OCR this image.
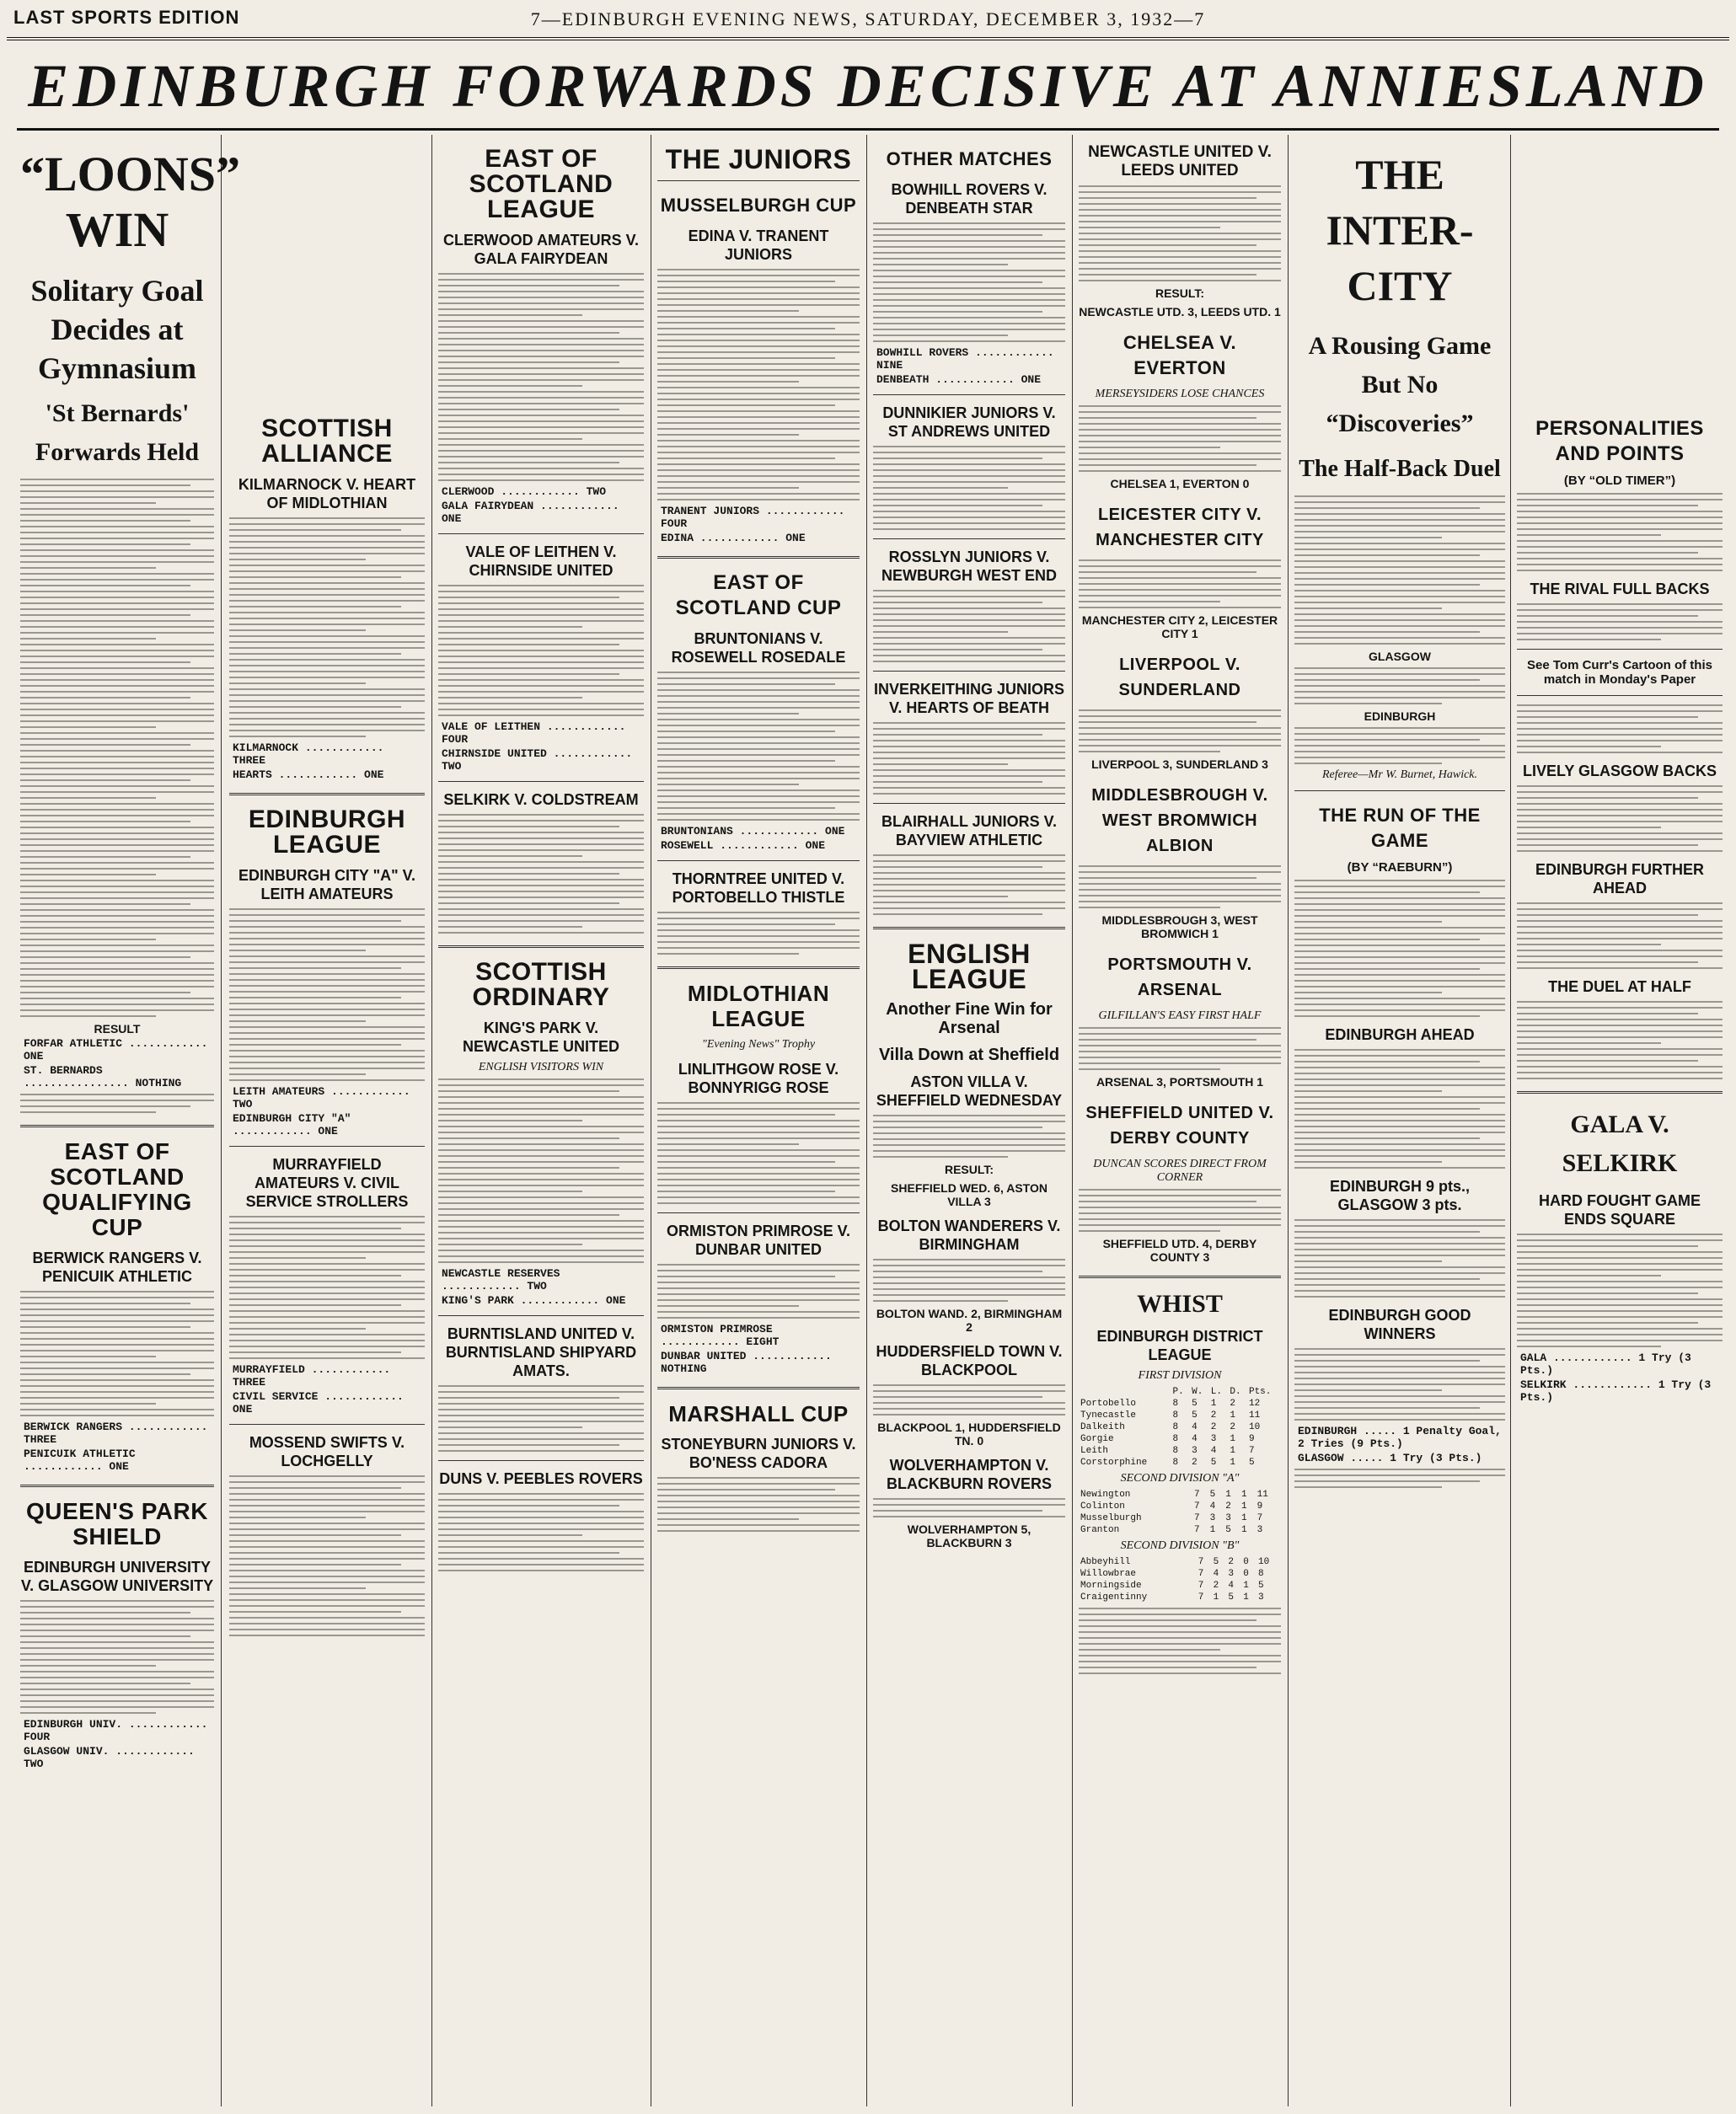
LAST SPORTS EDITION	7—EDINBURGH EVENING NEWS, SATURDAY, DECEMBER 3, 1932—7
EDINBURGH FORWARDS DECISIVE AT ANNIESLAND
“LOONS” WIN
Solitary Goal Decides at Gymnasium
'St Bernards' Forwards Held
RESULT
FORFAR ATHLETIC ............ ONE
ST. BERNARDS ................ NOTHING
EAST OF SCOTLAND QUALIFYING CUP
BERWICK RANGERS V. PENICUIK ATHLETIC
BERWICK RANGERS ............ THREE
PENICUIK ATHLETIC ............ ONE
QUEEN'S PARK SHIELD
EDINBURGH UNIVERSITY V. GLASGOW UNIVERSITY
EDINBURGH UNIV. ............ FOUR
GLASGOW UNIV. ............ TWO
SCOTTISH ALLIANCE
KILMARNOCK V. HEART OF MIDLOTHIAN
KILMARNOCK ............ THREE
HEARTS ............ ONE
EDINBURGH LEAGUE
EDINBURGH CITY "A" V. LEITH AMATEURS
LEITH AMATEURS ............ TWO
EDINBURGH CITY "A" ............ ONE
MURRAYFIELD AMATEURS V. CIVIL SERVICE STROLLERS
MURRAYFIELD ............ THREE
CIVIL SERVICE ............ ONE
MOSSEND SWIFTS V. LOCHGELLY
EAST OF SCOTLAND LEAGUE
CLERWOOD AMATEURS V. GALA FAIRYDEAN
CLERWOOD ............ TWO
GALA FAIRYDEAN ............ ONE
VALE OF LEITHEN V. CHIRNSIDE UNITED
VALE OF LEITHEN ............ FOUR
CHIRNSIDE UNITED ............ TWO
SELKIRK V. COLDSTREAM
SCOTTISH ORDINARY
KING'S PARK V. NEWCASTLE UNITED
ENGLISH VISITORS WIN
NEWCASTLE RESERVES ............ TWO
KING'S PARK ............ ONE
BURNTISLAND UNITED V. BURNTISLAND SHIPYARD AMATS.
DUNS V. PEEBLES ROVERS
THE JUNIORS
MUSSELBURGH CUP
EDINA V. TRANENT JUNIORS
TRANENT JUNIORS ............ FOUR
EDINA ............ ONE
EAST OF SCOTLAND CUP
BRUNTONIANS V. ROSEWELL ROSEDALE
BRUNTONIANS ............ ONE
ROSEWELL ............ ONE
THORNTREE UNITED V. PORTOBELLO THISTLE
MIDLOTHIAN LEAGUE
"Evening News" Trophy
LINLITHGOW ROSE V. BONNYRIGG ROSE
ORMISTON PRIMROSE V. DUNBAR UNITED
ORMISTON PRIMROSE ............ EIGHT
DUNBAR UNITED ............ NOTHING
MARSHALL CUP
STONEYBURN JUNIORS V. BO'NESS CADORA
OTHER MATCHES
BOWHILL ROVERS V. DENBEATH STAR
BOWHILL ROVERS ............ NINE
DENBEATH ............ ONE
DUNNIKIER JUNIORS V. ST ANDREWS UNITED
ROSSLYN JUNIORS V. NEWBURGH WEST END
INVERKEITHING JUNIORS V. HEARTS OF BEATH
BLAIRHALL JUNIORS V. BAYVIEW ATHLETIC
ENGLISH LEAGUE
Another Fine Win for Arsenal
Villa Down at Sheffield
ASTON VILLA V. SHEFFIELD WEDNESDAY
RESULT:
SHEFFIELD WED. 6, ASTON VILLA 3
BOLTON WANDERERS V. BIRMINGHAM
BOLTON WAND. 2, BIRMINGHAM 2
HUDDERSFIELD TOWN V. BLACKPOOL
BLACKPOOL 1, HUDDERSFIELD TN. 0
WOLVERHAMPTON V. BLACKBURN ROVERS
WOLVERHAMPTON 5, BLACKBURN 3
NEWCASTLE UNITED V. LEEDS UNITED
RESULT:
NEWCASTLE UTD. 3, LEEDS UTD. 1
CHELSEA V. EVERTON
MERSEYSIDERS LOSE CHANCES
CHELSEA 1, EVERTON 0
LEICESTER CITY V. MANCHESTER CITY
MANCHESTER CITY 2, LEICESTER CITY 1
LIVERPOOL V. SUNDERLAND
LIVERPOOL 3, SUNDERLAND 3
MIDDLESBROUGH V. WEST BROMWICH ALBION
MIDDLESBROUGH 3, WEST BROMWICH 1
PORTSMOUTH V. ARSENAL
GILFILLAN'S EASY FIRST HALF
ARSENAL 3, PORTSMOUTH 1
SHEFFIELD UNITED V. DERBY COUNTY
DUNCAN SCORES DIRECT FROM CORNER
SHEFFIELD UTD. 4, DERBY COUNTY 3
WHIST
EDINBURGH DISTRICT LEAGUE
FIRST DIVISION
	P.	W.	L.	D.	Pts.
Portobello	8	5	1	2	12
Tynecastle	8	5	2	1	11
Dalkeith	8	4	2	2	10
Gorgie	8	4	3	1	9
Leith	8	3	4	1	7
Corstorphine	8	2	5	1	5
SECOND DIVISION "A"
Newington	7	5	1	1	11
Colinton	7	4	2	1	9
Musselburgh	7	3	3	1	7
Granton	7	1	5	1	3
SECOND DIVISION "B"
Abbeyhill	7	5	2	0	10
Willowbrae	7	4	3	0	8
Morningside	7	2	4	1	5
Craigentinny	7	1	5	1	3
THE INTER-CITY
A Rousing Game But No “Discoveries”
The Half-Back Duel
GLASGOW
EDINBURGH
Referee—Mr W. Burnet, Hawick.
THE RUN OF THE GAME
(BY “RAEBURN”)
EDINBURGH AHEAD
EDINBURGH 9 pts., GLASGOW 3 pts.
EDINBURGH GOOD WINNERS
EDINBURGH ..... 1 Penalty Goal, 2 Tries (9 Pts.)
GLASGOW ..... 1 Try (3 Pts.)
PERSONALITIES AND POINTS
(BY “OLD TIMER”)
THE RIVAL FULL BACKS
See Tom Curr's Cartoon of this match in Monday's Paper
LIVELY GLASGOW BACKS
EDINBURGH FURTHER AHEAD
THE DUEL AT HALF
GALA V. SELKIRK
HARD FOUGHT GAME ENDS SQUARE
GALA ............ 1 Try (3 Pts.)
SELKIRK ............ 1 Try (3 Pts.)
